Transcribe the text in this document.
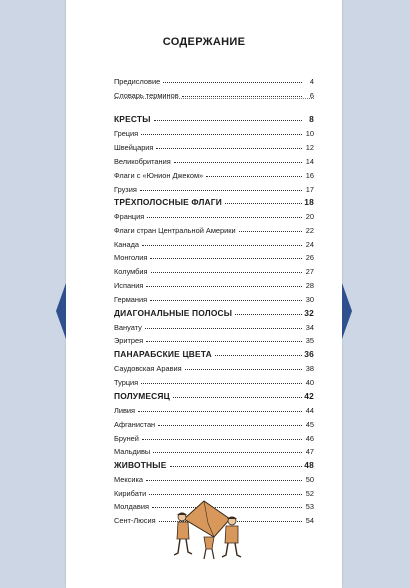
СОДЕРЖАНИЕ
Предисловие	4
Словарь терминов	6
КРЕСТЫ	8
Греция	10
Швейцария	12
Великобритания	14
Флаги с «Юнион Джеком»	16
Грузия	17
ТРЁХПОЛОСНЫЕ ФЛАГИ	18
Франция	20
Флаги стран Центральной Америки	22
Канада	24
Монголия	26
Колумбия	27
Испания	28
Германия	30
ДИАГОНАЛЬНЫЕ ПОЛОСЫ	32
Вануату	34
Эритрея	35
ПАНАРАБСКИЕ ЦВЕТА	36
Саудовская Аравия	38
Турция	40
ПОЛУМЕСЯЦ	42
Ливия	44
Афганистан	45
Бруней	46
Мальдивы	47
ЖИВОТНЫЕ	48
Мексика	50
Кирибати	52
Молдавия	53
Сент-Люсия	54
